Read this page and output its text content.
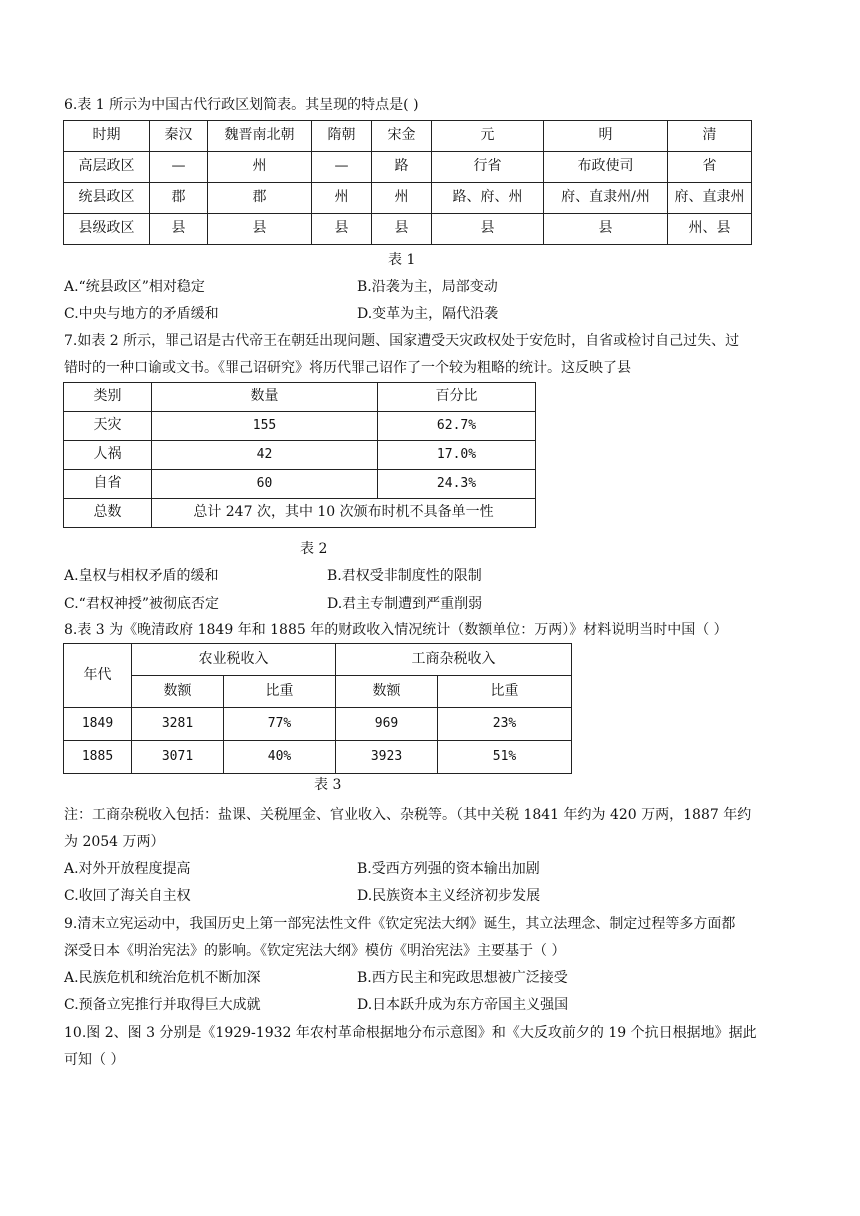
6.表 1 所示为中国古代行政区划简表。其呈现的特点是( )
时期	秦汉	魏晋南北朝	隋朝	宋金	元	明	清
高层政区	—	州	—	路	行省	布政使司	省
统县政区	郡	郡	州	州	路、府、州	府、直隶州/州	府、直隶州
县级政区	县	县	县	县	县	县	州、县
表 1
A.“统县政区”相对稳定	B.沿袭为主，局部变动
C.中央与地方的矛盾缓和	D.变革为主，隔代沿袭
7.如表 2 所示，罪己诏是古代帝王在朝廷出现问题、国家遭受天灾政权处于安危时，自省或检讨自己过失、过
错时的一种口谕或文书。《罪己诏研究》将历代罪己诏作了一个较为粗略的统计。这反映了县
类别	数量	百分比
天灾	155	62.7%
人祸	42	17.0%
自省	60	24.3%
总数	总计 247 次，其中 10 次颁布时机不具备单一性	
表 2
A.皇权与相权矛盾的缓和	B.君权受非制度性的限制
C.“君权神授”被彻底否定	D.君主专制遭到严重削弱
8.表 3 为《晚清政府 1849 年和 1885 年的财政收入情况统计（数额单位：万两）》材料说明当时中国（ ）
年代	农业税收入		工商杂税收入	
	数额	比重	数额	比重
1849	3281	77%	969	23%
1885	3071	40%	3923	51%
表 3
注：工商杂税收入包括：盐课、关税厘金、官业收入、杂税等。（其中关税 1841 年约为 420 万两，1887 年约
为 2054 万两）
A.对外开放程度提高	B.受西方列强的资本输出加剧
C.收回了海关自主权	D.民族资本主义经济初步发展
9.清末立宪运动中，我国历史上第一部宪法性文件《钦定宪法大纲》诞生，其立法理念、制定过程等多方面都
深受日本《明治宪法》的影响。《钦定宪法大纲》模仿《明治宪法》主要基于（ ）
A.民族危机和统治危机不断加深	B.西方民主和宪政思想被广泛接受
C.预备立宪推行并取得巨大成就	D.日本跃升成为东方帝国主义强国
10.图 2、图 3 分别是《1929-1932 年农村革命根据地分布示意图》和《大反攻前夕的 19 个抗日根据地》据此
可知（ ）
